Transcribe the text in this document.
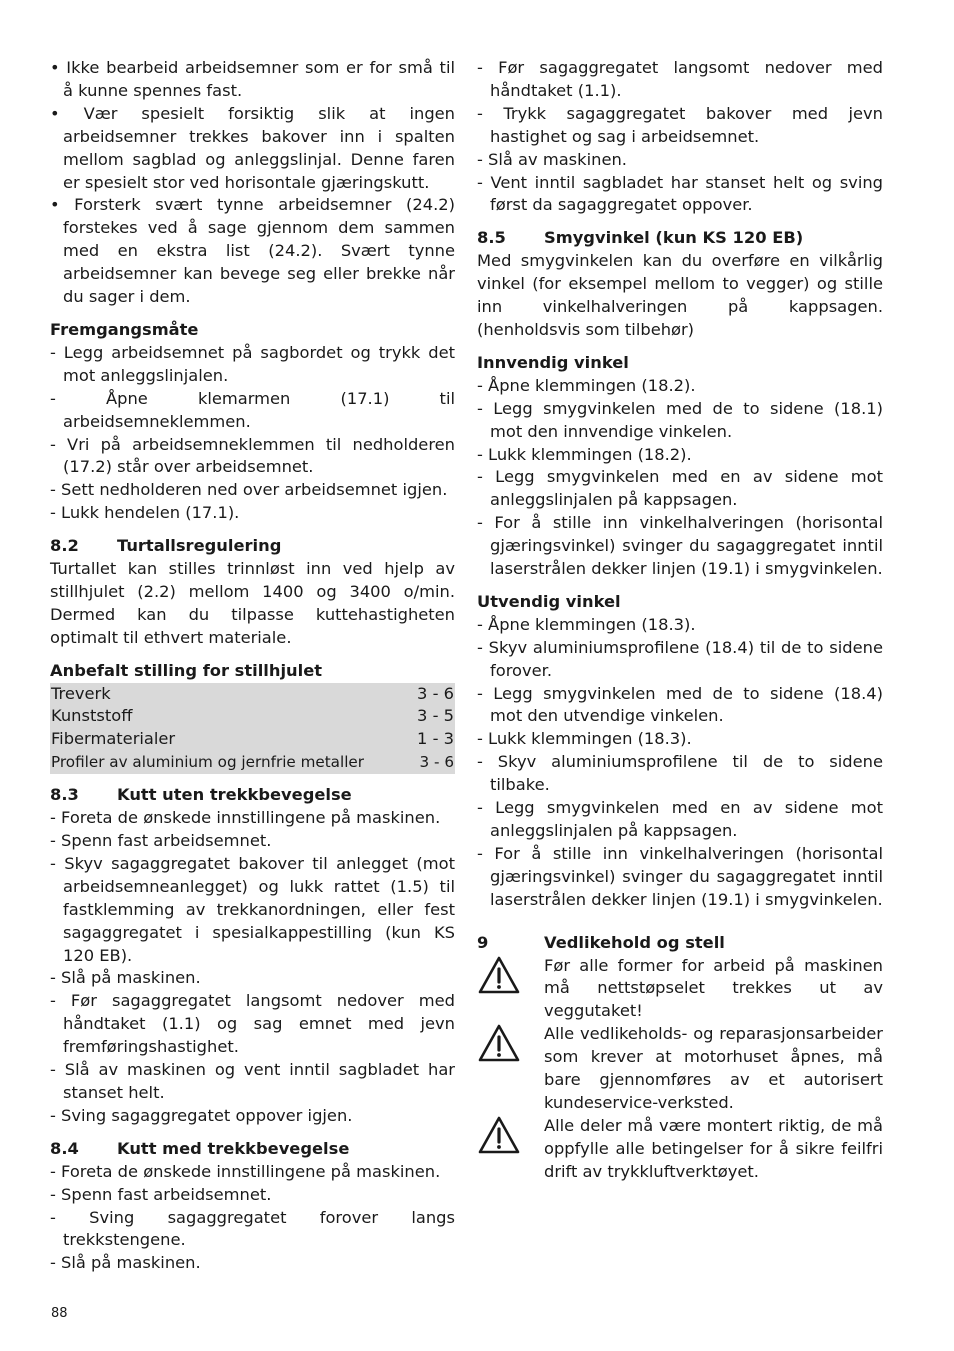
• Ikke bearbeid arbeidsemner som er for små til å kunne spennes fast.
• Vær spesielt forsiktig slik at ingen arbeidsemner trekkes bakover inn i spalten mellom sagblad og anleggslinjal. Denne faren er spesielt stor ved horisontale gjæringskutt.
• Forsterk svært tynne arbeidsemner (24.2) forstekes ved å sage gjennom dem sammen med en ekstra list (24.2). Svært tynne arbeidsemner kan bevege seg eller brekke når du sager i dem.
Fremgangsmåte
- Legg arbeidsemnet på sagbordet og trykk det mot anleggslinjalen.
- Åpne klemarmen (17.1) til arbeidsemneklemmen.
- Vri på arbeidsemneklemmen til nedholderen (17.2) står over arbeidsemnet.
- Sett nedholderen ned over arbeidsemnet igjen.
- Lukk hendelen (17.1).
8.2 Turtallsregulering

Turtallet kan stilles trinnløst inn ved hjelp av stillhjulet (2.2) mellom 1400 og 3400 o/min. Dermed kan du tilpasse kuttehastigheten optimalt til ethvert materiale.

Anbefalt stilling for stillhjulet
Treverk	3 - 6
Kunststoff	3 - 5
Fibermaterialer	1 - 3
Profiler av aluminium og jernfrie metaller	3 - 6
8.3 Kutt uten trekkbevegelse
- Foreta de ønskede innstillingene på maskinen.
- Spenn fast arbeidsemnet.
- Skyv sagaggregatet bakover til anlegget (mot arbeidsemneanlegget) og lukk rattet (1.5) til fastklemming av trekkanordningen, eller fest sagaggregatet i spesialkappestilling (kun KS 120 EB).
- Slå på maskinen.
- Før sagaggregatet langsomt nedover med håndtaket (1.1) og sag emnet med jevn fremføringshastighet.
- Slå av maskinen og vent inntil sagbladet har stanset helt.
- Sving sagaggregatet oppover igjen.
8.4 Kutt med trekkbevegelse
- Foreta de ønskede innstillingene på maskinen.
- Spenn fast arbeidsemnet.
- Sving sagaggregatet forover langs trekkstengene.
- Slå på maskinen.
- Før sagaggregatet langsomt nedover med håndtaket (1.1).
- Trykk sagaggregatet bakover med jevn hastighet og sag i arbeidsemnet.
- Slå av maskinen.
- Vent inntil sagbladet har stanset helt og sving først da sagaggregatet oppover.
8.5 Smygvinkel (kun KS 120 EB)

Med smygvinkelen kan du overføre en vilkårlig vinkel (for eksempel mellom to vegger) og stille inn vinkelhalveringen på kappsagen. (henholdsvis som tilbehør)

Innvendig vinkel
- Åpne klemmingen (18.2).
- Legg smygvinkelen med de to sidene (18.1) mot den innvendige vinkelen.
- Lukk klemmingen (18.2).
- Legg smygvinkelen med en av sidene mot anleggslinjalen på kappsagen.
- For å stille inn vinkelhalveringen (horisontal gjæringsvinkel) svinger du sagaggregatet inntil laserstrålen dekker linjen (19.1) i smygvinkelen.
Utvendig vinkel
- Åpne klemmingen (18.3).
- Skyv aluminiumsprofilene (18.4) til de to sidene forover.
- Legg smygvinkelen med de to sidene (18.4) mot den utvendige vinkelen.
- Lukk klemmingen (18.3).
- Skyv aluminiumsprofilene til de to sidene tilbake.
- Legg smygvinkelen med en av sidene mot anleggslinjalen på kappsagen.
- For å stille inn vinkelhalveringen (horisontal gjæringsvinkel) svinger du sagaggregatet inntil laserstrålen dekker linjen (19.1) i smygvinkelen.
9	Vedlikehold og stell
Før alle former for arbeid på maskinen må nettstøpselet trekkes ut av veggutaket!
Alle vedlikeholds- og reparasjonsarbeider som krever at motorhuset åpnes, må bare gjennomføres av et autorisert kundeservice-verksted.
Alle deler må være montert riktig, de må oppfylle alle betingelser for å sikre feilfri drift av trykkluftverktøyet.
88
